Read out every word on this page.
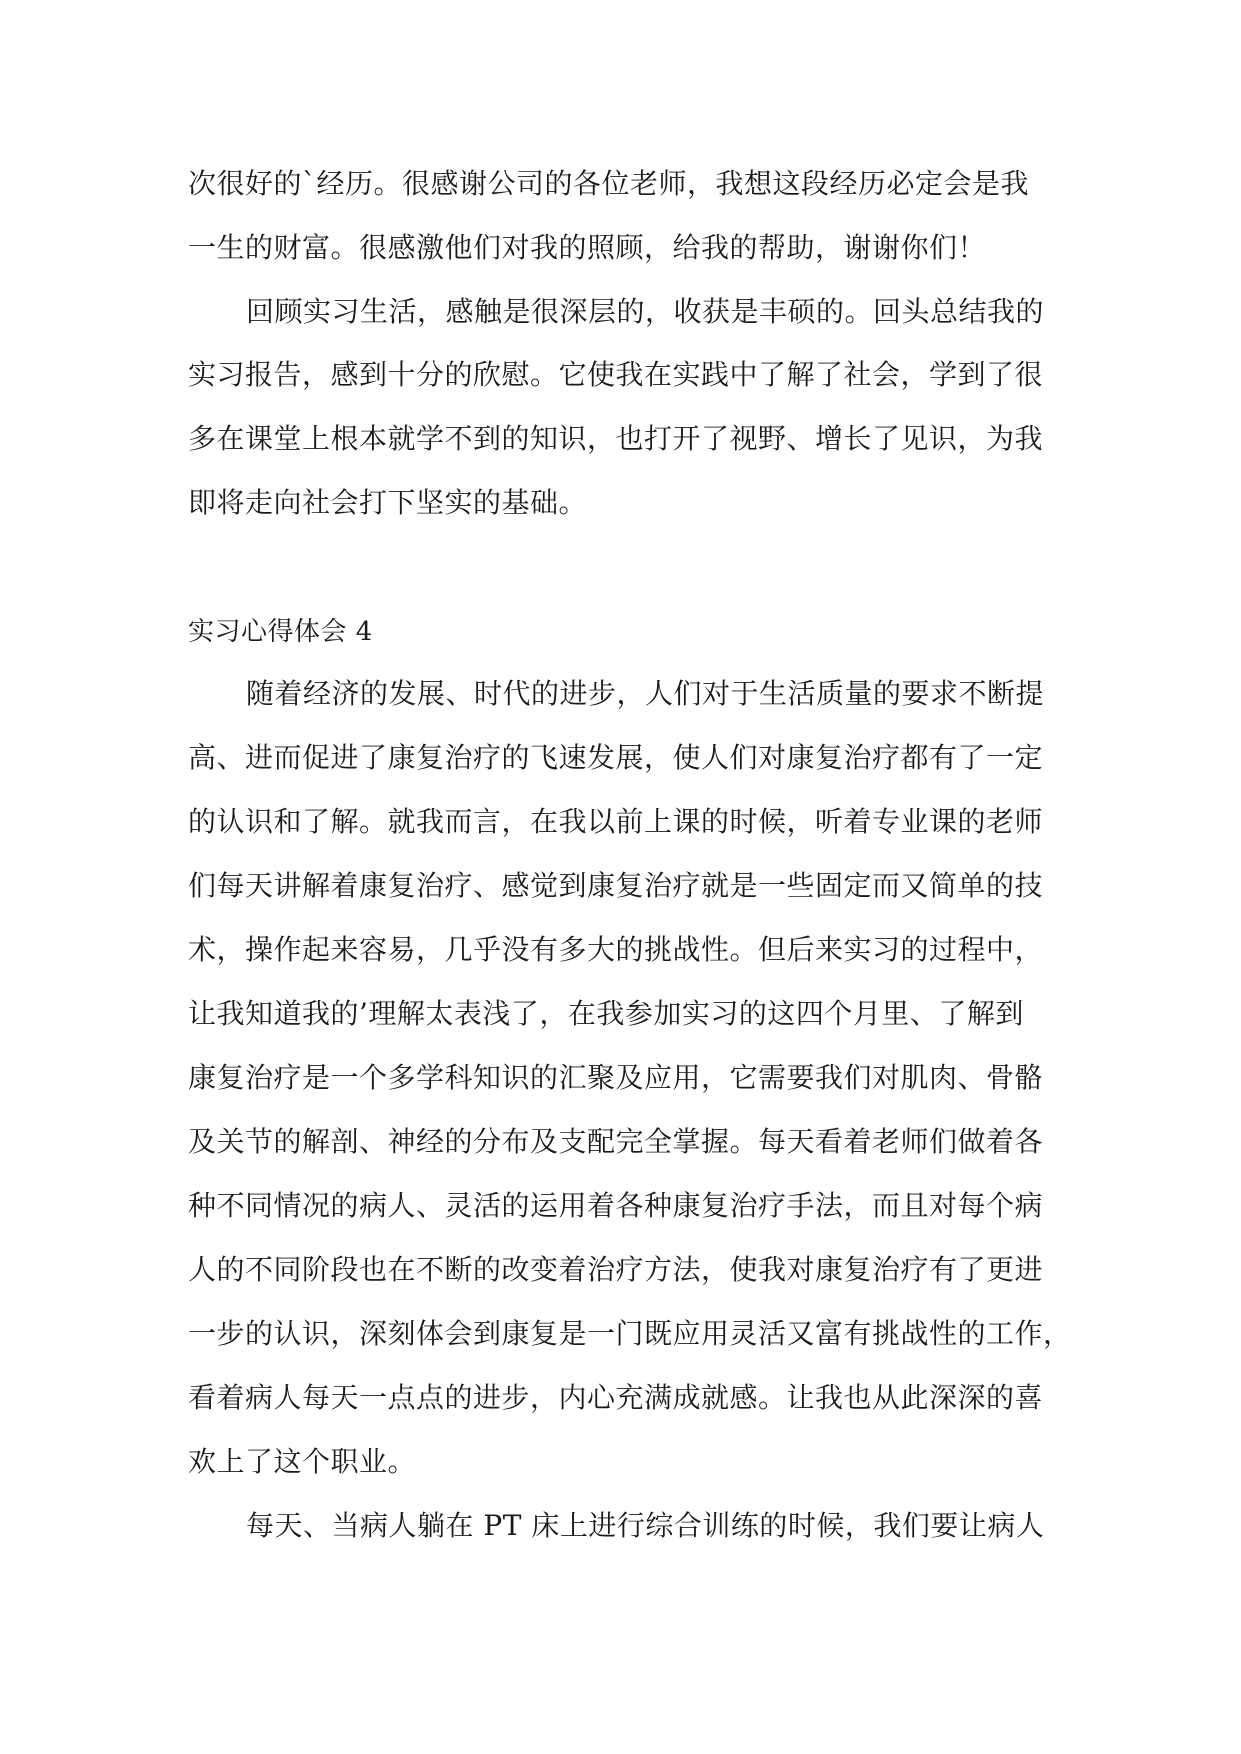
次很好的`经历。很感谢公司的各位老师，我想这段经历必定会是我
一生的财富。很感激他们对我的照顾，给我的帮助，谢谢你们！
回顾实习生活，感触是很深层的，收获是丰硕的。回头总结我的
实习报告，感到十分的欣慰。它使我在实践中了解了社会，学到了很
多在课堂上根本就学不到的知识，也打开了视野、增长了见识，为我
即将走向社会打下坚实的基础。
实习心得体会 4
随着经济的发展、时代的进步，人们对于生活质量的要求不断提
高、进而促进了康复治疗的飞速发展，使人们对康复治疗都有了一定
的认识和了解。就我而言，在我以前上课的时候，听着专业课的老师
们每天讲解着康复治疗、感觉到康复治疗就是一些固定而又简单的技
术，操作起来容易，几乎没有多大的挑战性。但后来实习的过程中，
让我知道我的’理解太表浅了，在我参加实习的这四个月里、了解到
康复治疗是一个多学科知识的汇聚及应用，它需要我们对肌肉、骨骼
及关节的解剖、神经的分布及支配完全掌握。每天看着老师们做着各
种不同情况的病人、灵活的运用着各种康复治疗手法，而且对每个病
人的不同阶段也在不断的改变着治疗方法，使我对康复治疗有了更进
一步的认识，深刻体会到康复是一门既应用灵活又富有挑战性的工作，
看着病人每天一点点的进步，内心充满成就感。让我也从此深深的喜
欢上了这个职业。
每天、当病人躺在 PT 床上进行综合训练的时候，我们要让病人
